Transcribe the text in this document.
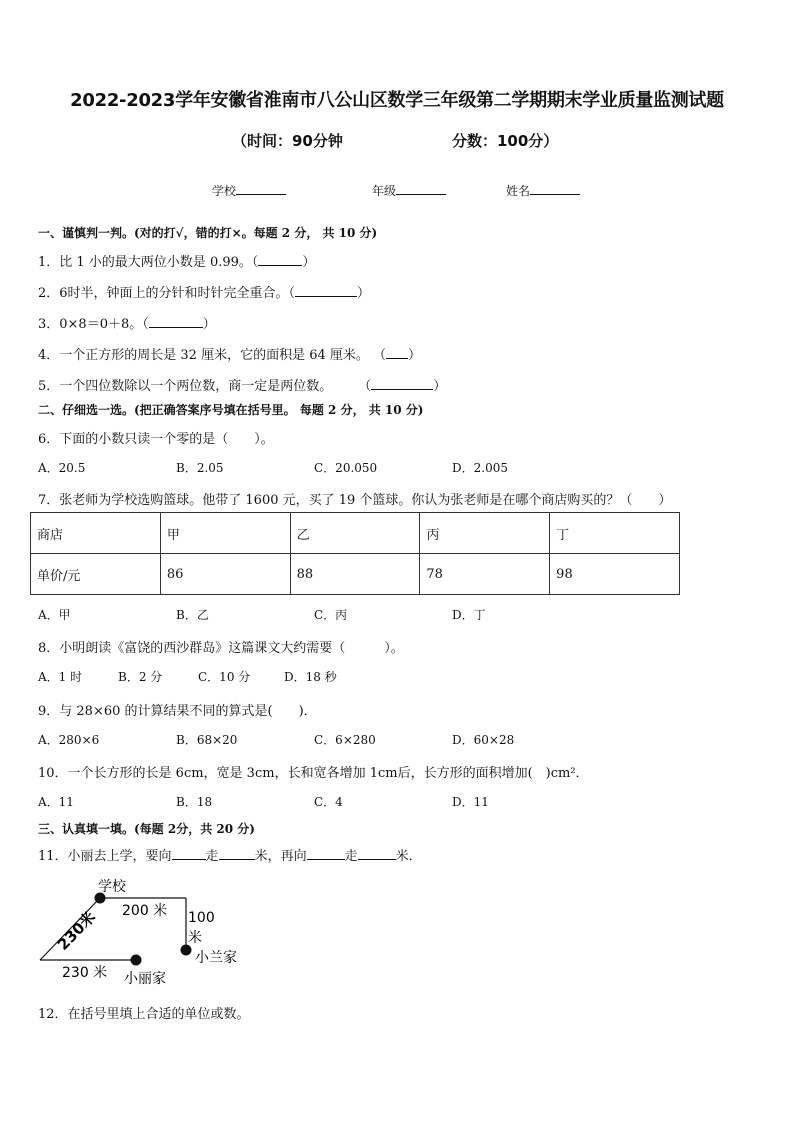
2022-2023学年安徽省淮南市八公山区数学三年级第二学期期末学业质量监测试题
（时间：90分钟	分数：100分）
学校	年级	姓名
一、谨慎判一判。(对的打√，错的打×。每题 2 分， 共 10 分)
1．比 1 小的最大两位小数是 0.99。（	）
2．6时半，钟面上的分针和时针完全重合。（	）
3．0×8＝0＋8。（	）
4．一个正方形的周长是 32 厘米，它的面积是 64 厘米。 （ ）
5．一个四位数除以一个两位数，商一定是两位数。　　　（	）
二、仔细选一选。(把正确答案序号填在括号里。 每题 2 分， 共 10 分)
6．下面的小数只读一个零的是（　　）。
A．20.5	B．2.05	C．20.050	D．2.005
7．张老师为学校选购篮球。他带了 1600 元，买了 19 个篮球。你认为张老师是在哪个商店购买的？（　　）
商店	甲	乙	丙	丁
单价/元	86	88	78	98
A．甲	B．乙	C．丙	D．丁
8．小明朗读《富饶的西沙群岛》这篇课文大约需要（　　　）。
A．1 时	B．2 分	C．10 分	D．18 秒
9．与 28×60 的计算结果不同的算式是(　　)．
A．280×6	B．68×20	C．6×280	D．60×28
10．一个长方形的长是 6cm，宽是 3cm，长和宽各增加 1cm后，长方形的面积增加(　)cm²．
A．11	B．18	C．4	D．11
三、认真填一填。(每题 2分，共 20 分)
11．小丽去上学，要向	走	米，再向	走	米．
学校
200 米 100
米
小兰家
230米
230 米 小丽家
12．在括号里填上合适的单位或数。
